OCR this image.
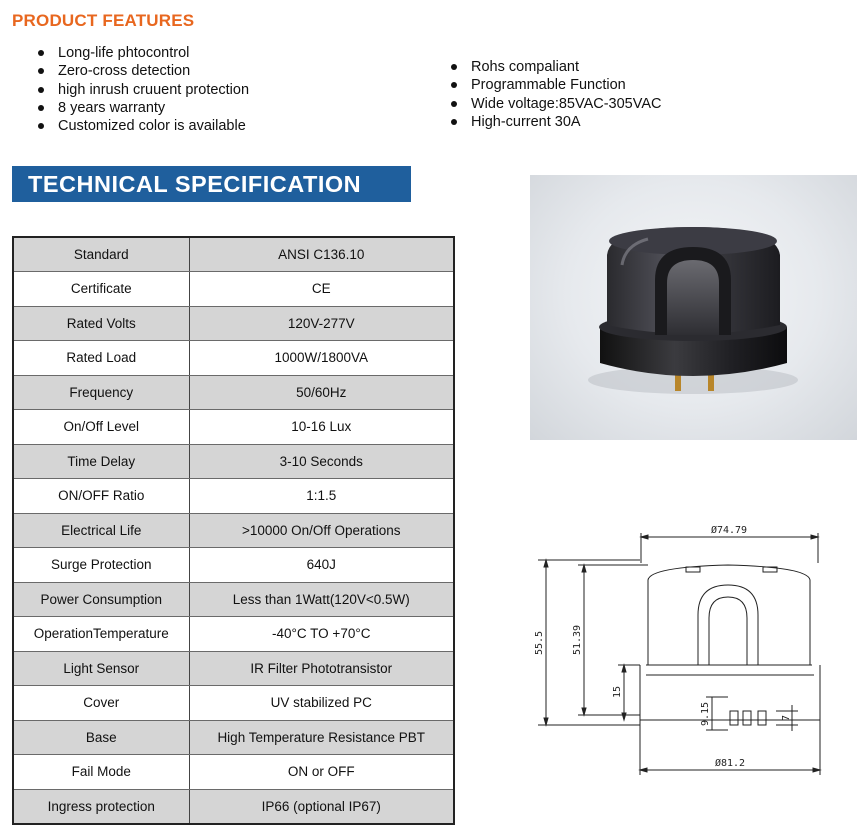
PRODUCT FEATURES
Long-life phtocontrol
Zero-cross detection
high inrush cruuent protection
8 years warranty
Customized color is available
Rohs compaliant
Programmable Function
Wide voltage:85VAC-305VAC
High-current 30A
TECHNICAL SPECIFICATION
Standard	ANSI C136.10
Certificate	CE
Rated Volts	120V-277V
Rated Load	1000W/1800VA
Frequency	50/60Hz
On/Off Level	10-16 Lux
Time Delay	3-10 Seconds
ON/OFF Ratio	1:1.5
Electrical Life	>10000 On/Off Operations
Surge Protection	640J
Power Consumption	Less than 1Watt(120V<0.5W)
OperationTemperature	-40°C TO +70°C
Light Sensor	IR Filter Phototransistor
Cover	UV stabilized PC
Base	High Temperature Resistance PBT
Fail Mode	ON or OFF
Ingress protection	IP66 (optional IP67)
Ø74.79
Ø81.2
55.5	51.39
15
9.15	7
